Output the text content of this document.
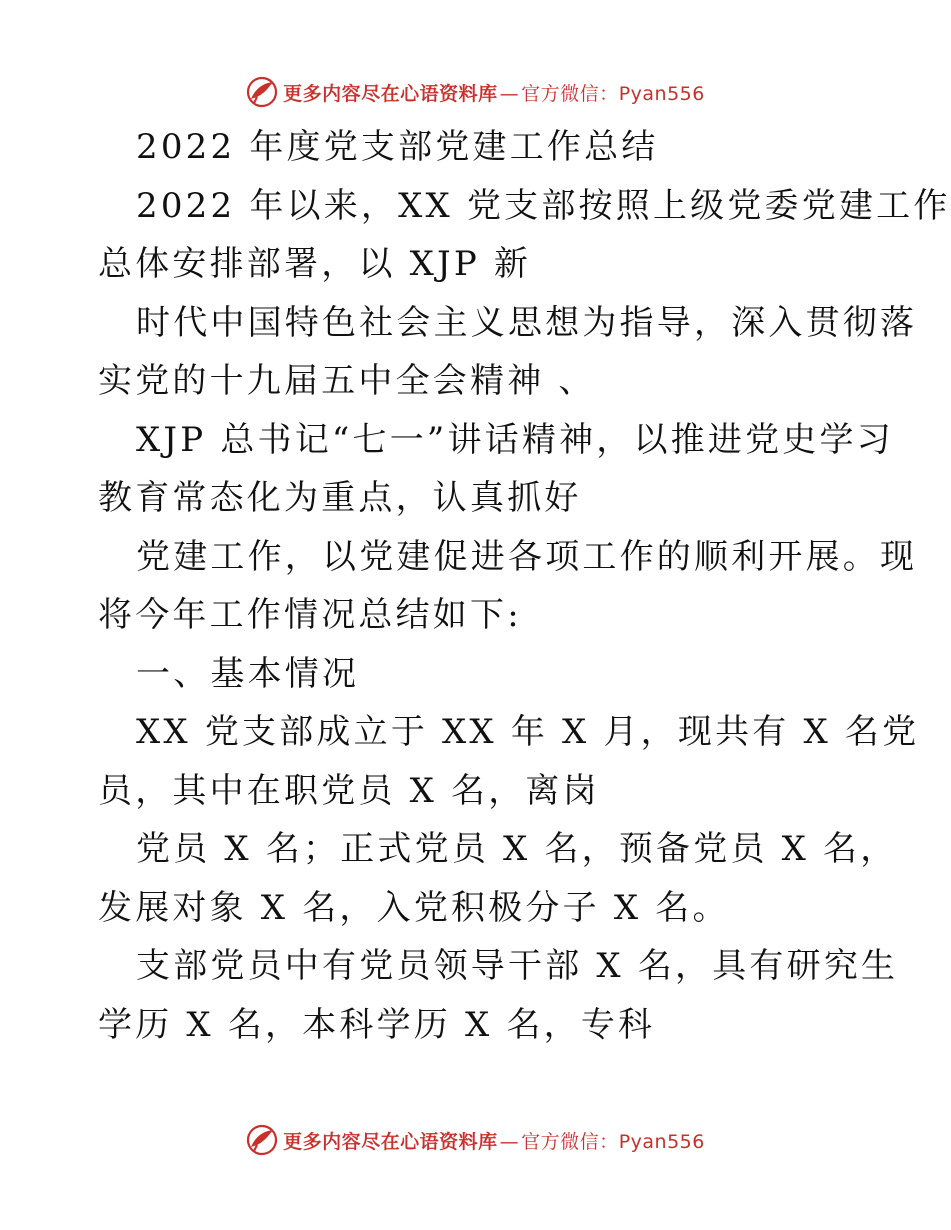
更多内容尽在心语资料库 — 官方微信：Pyan556
2022 年度党支部党建工作总结
2022 年以来，XX 党支部按照上级党委党建工作
总体安排部署，以 XJP 新
时代中国特色社会主义思想为指导，深入贯彻落
实党的十九届五中全会精神 、
XJP 总书记“七一”讲话精神，以推进党史学习
教育常态化为重点，认真抓好
党建工作，以党建促进各项工作的顺利开展。现
将今年工作情况总结如下:
一、基本情况
XX 党支部成立于 XX 年 X 月，现共有 X 名党
员，其中在职党员 X 名，离岗
党员 X 名；正式党员 X 名，预备党员 X 名，
发展对象 X 名，入党积极分子 X 名。
支部党员中有党员领导干部 X 名，具有研究生
学历 X 名，本科学历 X 名，专科
更多内容尽在心语资料库 — 官方微信：Pyan556
